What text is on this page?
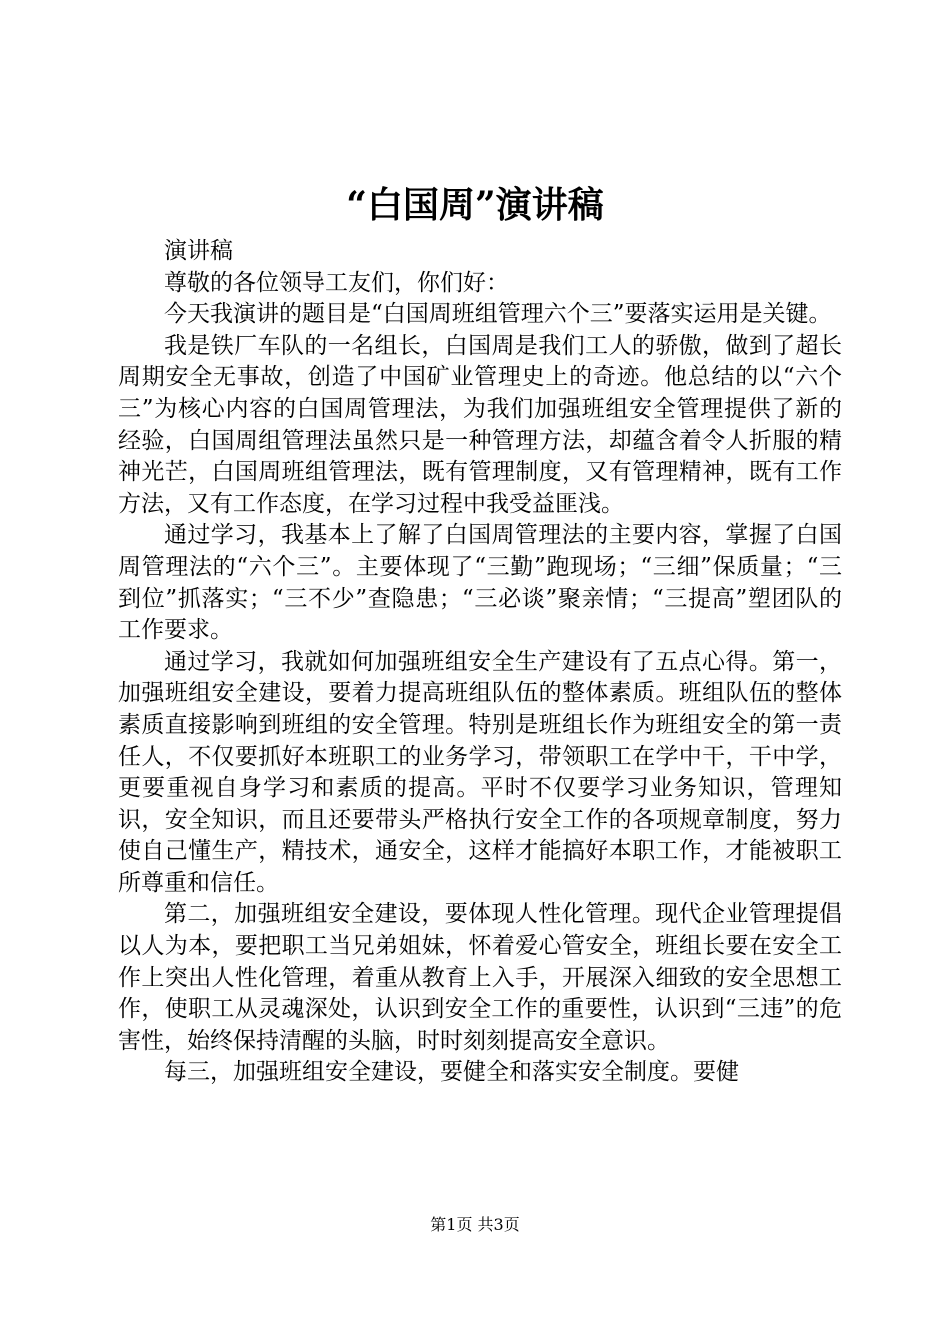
“白国周”演讲稿

演讲稿

尊敬的各位领导工友们，你们好：

今天我演讲的题目是“白国周班组管理六个三”要落实运用是关键。

我是铁厂车队的一名组长，白国周是我们工人的骄傲，做到了超长周期安全无事故，创造了中国矿业管理史上的奇迹。他总结的以“六个三”为核心内容的白国周管理法，为我们加强班组安全管理提供了新的经验，白国周组管理法虽然只是一种管理方法，却蕴含着令人折服的精神光芒，白国周班组管理法，既有管理制度，又有管理精神，既有工作方法，又有工作态度，在学习过程中我受益匪浅。

通过学习，我基本上了解了白国周管理法的主要内容，掌握了白国周管理法的“六个三”。主要体现了“三勤”跑现场；“三细”保质量；“三到位”抓落实；“三不少”查隐患；“三必谈”聚亲情；“三提高”塑团队的工作要求。

通过学习，我就如何加强班组安全生产建设有了五点心得。第一，加强班组安全建设，要着力提高班组队伍的整体素质。班组队伍的整体素质直接影响到班组的安全管理。特别是班组长作为班组安全的第一责任人，不仅要抓好本班职工的业务学习，带领职工在学中干，干中学，更要重视自身学习和素质的提高。平时不仅要学习业务知识，管理知识，安全知识，而且还要带头严格执行安全工作的各项规章制度，努力使自己懂生产，精技术，通安全，这样才能搞好本职工作，才能被职工所尊重和信任。

第二，加强班组安全建设，要体现人性化管理。现代企业管理提倡以人为本，要把职工当兄弟姐妹，怀着爱心管安全，班组长要在安全工作上突出人性化管理，着重从教育上入手，开展深入细致的安全思想工作，使职工从灵魂深处，认识到安全工作的重要性，认识到“三违”的危害性，始终保持清醒的头脑，时时刻刻提高安全意识。

每三，加强班组安全建设，要健全和落实安全制度。要健

第1页 共3页
